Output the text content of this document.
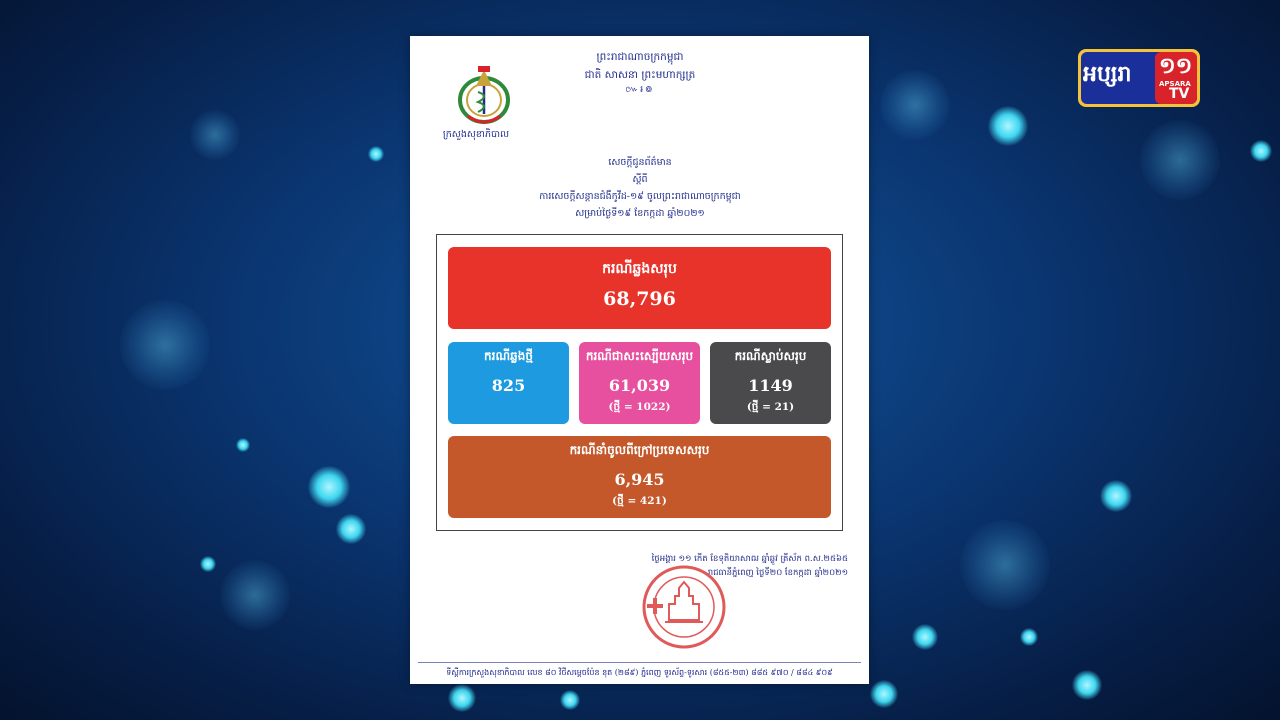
អប្សរា ១១
APSARA
TV
ព្រះរាជាណាចក្រកម្ពុជា
ជាតិ សាសនា ព្រះមហាក្សត្រ
៚៛៙
ក្រសួងសុខាភិបាល
សេចក្តីជូនព័ត៌មាន
ស្តីពី
ការសេចក្តីសន្តានជំងឺកូវីដ-១៩ ចូលព្រះរាជាណាចក្រកម្ពុជា
សម្រាប់ថ្ងៃទី១៩ ខែកក្កដា ឆ្នាំ២០២១
ករណីឆ្លងសរុប
68,796
ករណីឆ្លងថ្មី
825
ករណីជាសះស្បើយសរុប
61,039
(ថ្មី = 1022)
ករណីស្លាប់សរុប
1149
(ថ្មី = 21)
ករណីនាំចូលពីក្រៅប្រទេសសរុប
6,945
(ថ្មី = 421)
ថ្ងៃអង្គារ ១១ កើត ខែទុតិយាសាឍ ឆ្នាំឆ្លូវ ត្រីស័ក ព.ស.២៥៦៥
រាជធានីភ្នំពេញ ថ្ងៃទី២០ ខែកក្កដា ឆ្នាំ២០២១
ទីស្តីការក្រសួងសុខាភិបាល លេខ ៨០ វិថីសម្តេចប៉ែន នុត (២៨៩) ភ្នំពេញ ទូរស័ព្ទ-ទូរសារ (៨៥៥-២៣) ៨៨៥ ៩៧០ / ៨៨៤ ៩០៩
